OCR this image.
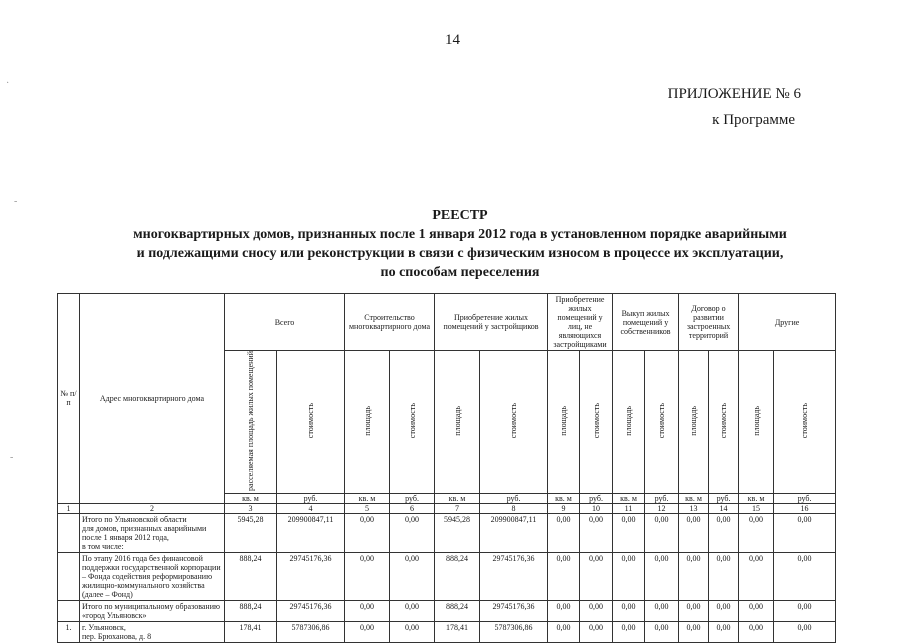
14
ПРИЛОЖЕНИЕ № 6
к Программе
РЕЕСТР
многоквартирных домов, признанных после 1 января 2012 года в установленном порядке аварийными
и подлежащими сносу или реконструкции в связи с физическим износом в процессе их эксплуатации,
по способам переселения
№ п/п	Адрес многоквартирного дома	Всего		Строительство многоквартирного дома		Приобретение жилых помещений у застройщиков		Приобретение жилых помещений у лиц, не являющихся застройщиками		Выкуп жилых помещений у собственников		Договор о развитии застроенных территорий		Другие	
		расселяемая площадь жилых помещений	стоимость	площадь	стоимость	площадь	стоимость	площадь	стоимость	площадь	стоимость	площадь	стоимость	площадь	стоимость
		кв. м	руб.	кв. м	руб.	кв. м	руб.	кв. м	руб.	кв. м	руб.	кв. м	руб.	кв. м	руб.
1	2	3	4	5	6	7	8	9	10	11	12	13	14	15	16

	Итого по Ульяновской области
для домов, признанных аварийными
после 1 января 2012 года,
в том числе:	5945,28	209900847,11	0,00	0,00	5945,28	209900847,11	0,00	0,00	0,00	0,00	0,00	0,00	0,00	0,00

	По этапу 2016 года без финансовой
поддержки государственной корпорации
– Фонда содействия реформированию
жилищно-коммунального хозяйства
(далее – Фонд)	888,24	29745176,36	0,00	0,00	888,24	29745176,36	0,00	0,00	0,00	0,00	0,00	0,00	0,00	0,00

	Итого по муниципальному образованию
«город Ульяновск»	888,24	29745176,36	0,00	0,00	888,24	29745176,36	0,00	0,00	0,00	0,00	0,00	0,00	0,00	0,00
1.	г. Ульяновск,
пер. Брюханова, д. 8	178,41	5787306,86	0,00	0,00	178,41	5787306,86	0,00	0,00	0,00	0,00	0,00	0,00	0,00	0,00
·
-
-
